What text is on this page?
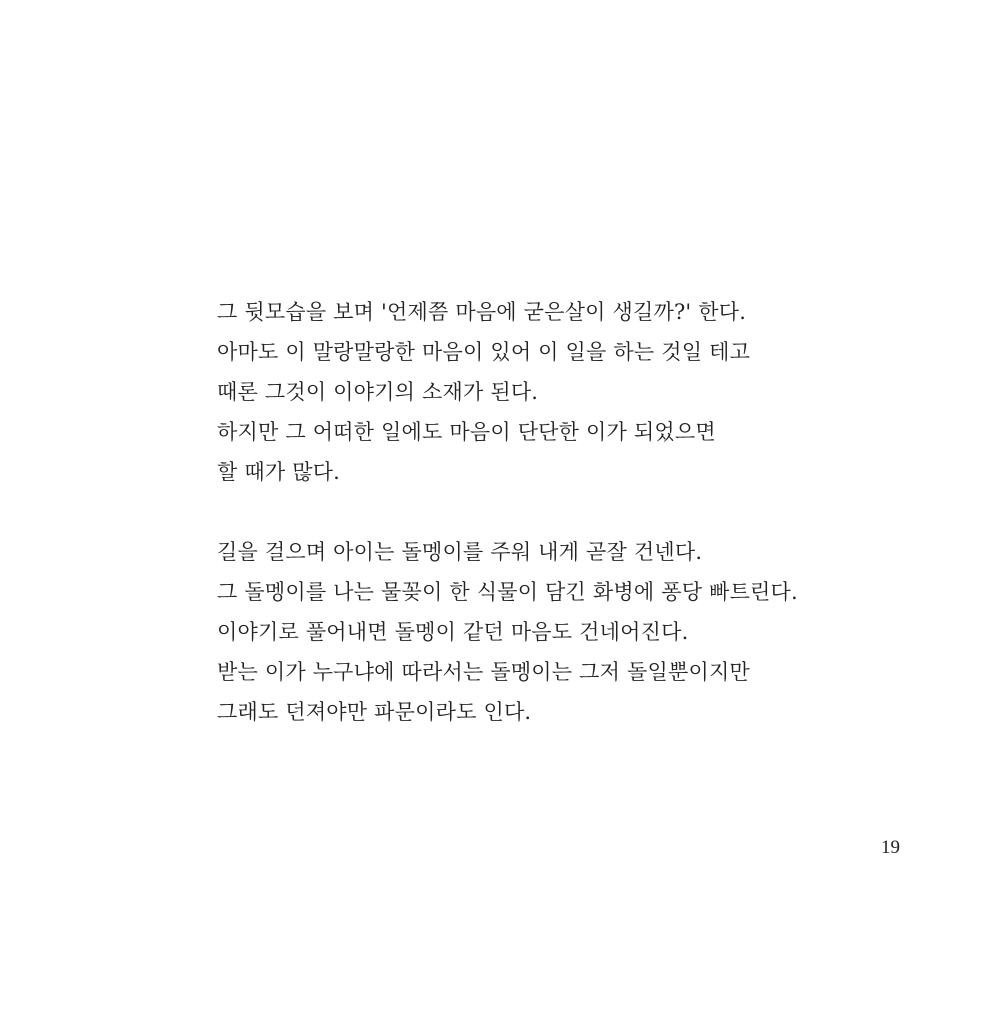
그 뒷모습을 보며 '언제쯤 마음에 굳은살이 생길까?' 한다.
아마도 이 말랑말랑한 마음이 있어 이 일을 하는 것일 테고
때론 그것이 이야기의 소재가 된다.
하지만 그 어떠한 일에도 마음이 단단한 이가 되었으면
할 때가 많다.

길을 걸으며 아이는 돌멩이를 주워 내게 곧잘 건넨다.
그 돌멩이를 나는 물꽂이 한 식물이 담긴 화병에 퐁당 빠트린다.
이야기로 풀어내면 돌멩이 같던 마음도 건네어진다.
받는 이가 누구냐에 따라서는 돌멩이는 그저 돌일뿐이지만
그래도 던져야만 파문이라도 인다.

19
